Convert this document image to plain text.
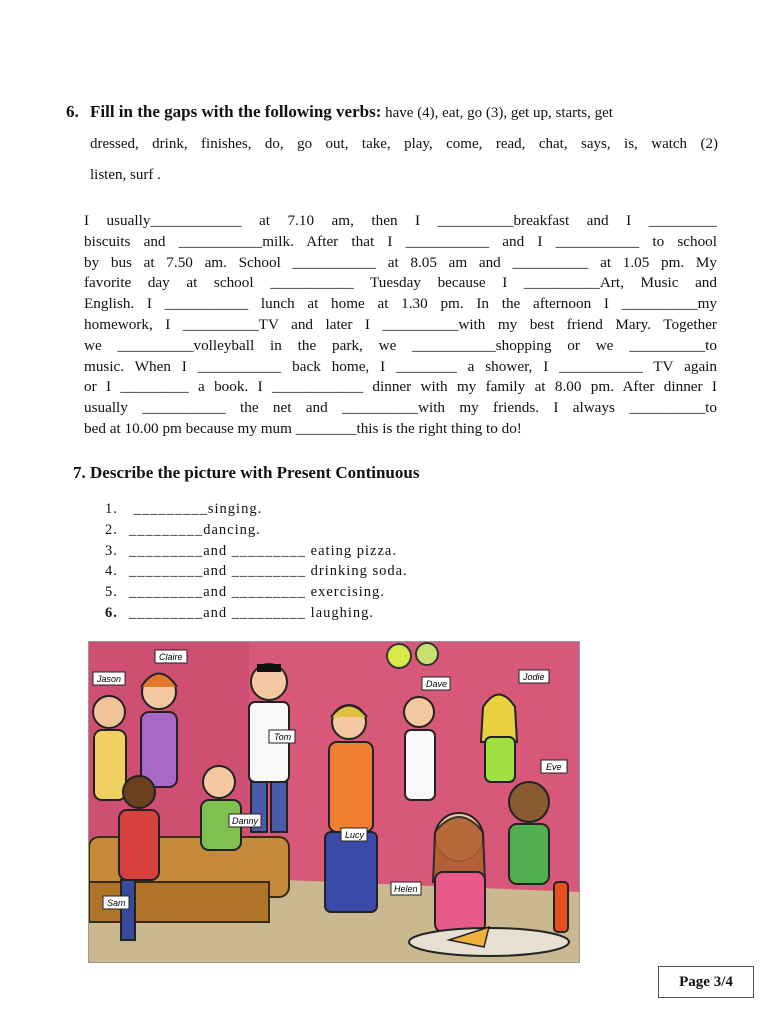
6. Fill in the gaps with the following verbs: have (4), eat, go (3), get up, starts, get
dressed, drink, finishes, do, go out, take, play, come, read, chat, says, is, watch (2)
listen, surf .
I usually____________ at 7.10 am, then I __________breakfast and I _________
biscuits and ___________milk. After that I ___________ and I ___________ to school
by bus at 7.50 am. School ___________ at 8.05 am and __________ at 1.05 pm. My
favorite day at school ___________ Tuesday because I __________Art, Music and
English. I ___________ lunch at home at 1.30 pm. In the afternoon I __________my
homework, I __________TV and later I __________with my best friend Mary. Together
we __________volleyball in the park, we ___________shopping or we __________to
music. When I ___________ back home, I ________ a shower, I ___________ TV again
or I _________ a book. I ____________ dinner with my family at 8.00 pm. After dinner I
usually ___________ the net and __________with my friends. I always __________to
bed at 10.00 pm because my mum ________this is the right thing to do!
7. Describe the picture with Present Continuous
1. _________singing.
2. _________dancing.
3. _________and _________ eating pizza.
4. _________and _________ drinking soda.
5. _________and _________ exercising.
6. _________and _________ laughing.
Claire
Jason
Tom
Dave
Jodie
Eve
Danny
Lucy
Helen
Sam
Page 3/4
